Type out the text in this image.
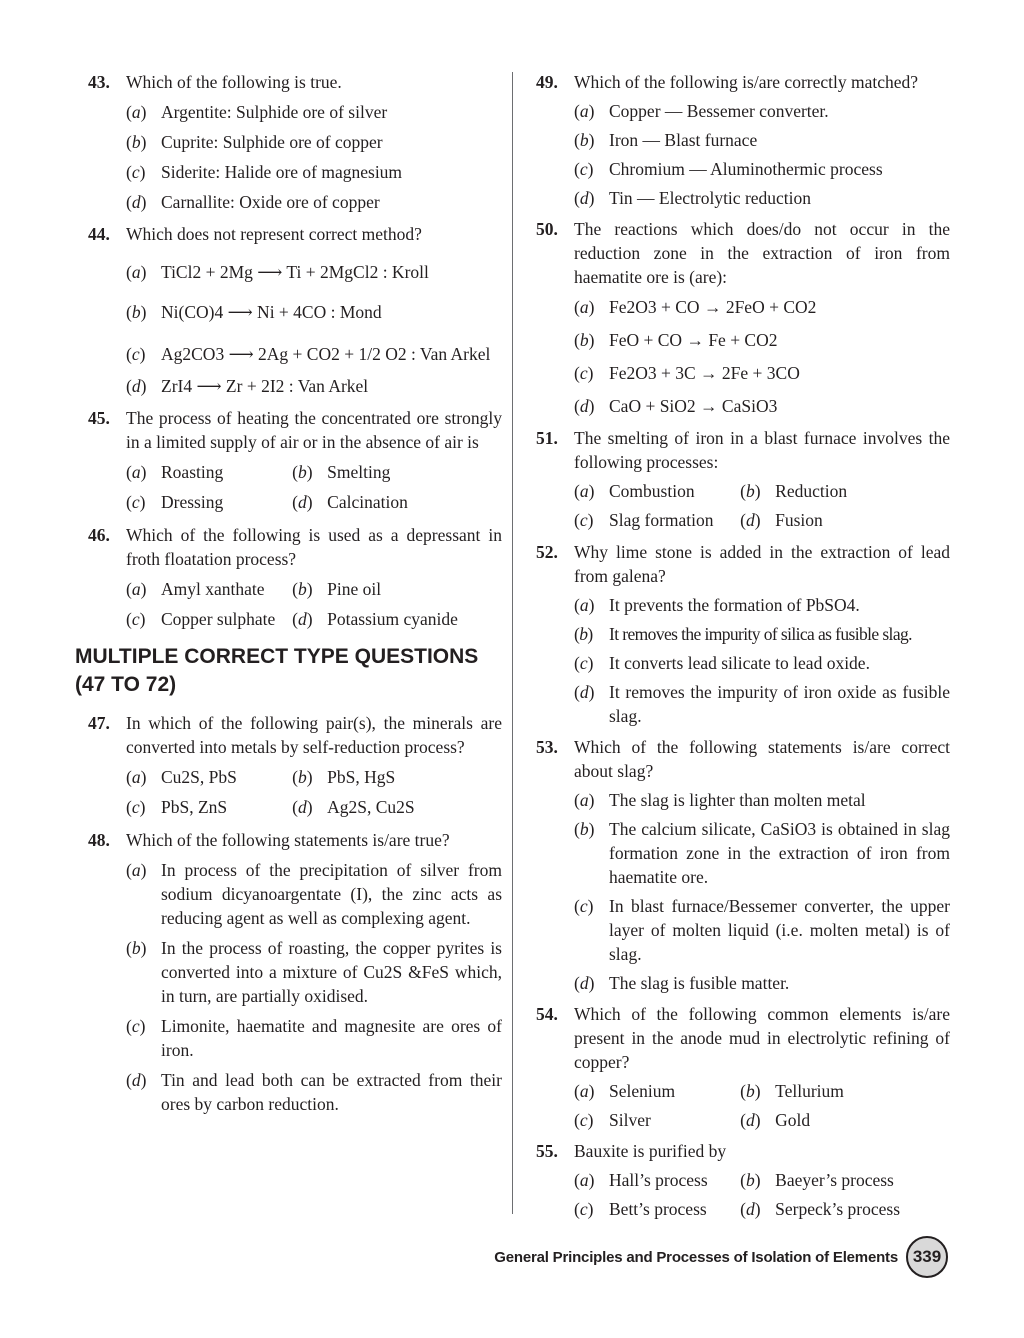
43. Which of the following is true.
(a) Argentite: Sulphide ore of silver
(b) Cuprite: Sulphide ore of copper
(c) Siderite: Halide ore of magnesium
(d) Carnallite: Oxide ore of copper
44. Which does not represent correct method?
(a) TiCl2 + 2Mg ⟶ Ti + 2MgCl2 : Kroll
(b) Ni(CO)4 ⟶ Ni + 4CO : Mond
(c) Ag2CO3 ⟶ 2Ag + CO2 + 1/2 O2 : Van Arkel
(d) ZrI4 ⟶ Zr + 2I2 : Van Arkel
45. The process of heating the concentrated ore strongly in a limited supply of air or in the absence of air is
(a) Roasting	(b) Smelting
(c) Dressing	(d) Calcination
46. Which of the following is used as a depressant in froth floatation process?
(a) Amyl xanthate	(b) Pine oil
(c) Copper sulphate (d) Potassium cyanide
MULTIPLE CORRECT TYPE QUESTIONS
(47 TO 72)
47. In which of the following pair(s), the minerals are converted into metals by self-reduction process?
(a) Cu2S, PbS	(b) PbS, HgS
(c) PbS, ZnS	(d) Ag2S, Cu2S
48. Which of the following statements is/are true?
(a) In process of the precipitation of silver from sodium dicyanoargentate (I), the zinc acts as reducing agent as well as complexing agent.
(b) In the process of roasting, the copper pyrites is converted into a mixture of Cu2S &FeS which, in turn, are partially oxidised.
(c) Limonite, haematite and magnesite are ores of iron.
(d) Tin and lead both can be extracted from their ores by carbon reduction.
49. Which of the following is/are correctly matched?
(a) Copper — Bessemer converter.
(b) Iron — Blast furnace
(c) Chromium — Aluminothermic process
(d) Tin — Electrolytic reduction
50. The reactions which does/do not occur in the reduction zone in the extraction of iron from haematite ore is (are):
(a) Fe2O3 + CO → 2FeO + CO2
(b) FeO + CO → Fe + CO2
(c) Fe2O3 + 3C → 2Fe + 3CO
(d) CaO + SiO2 → CaSiO3
51. The smelting of iron in a blast furnace involves the following processes:
(a) Combustion	(b) Reduction
(c) Slag formation	(d) Fusion
52. Why lime stone is added in the extraction of lead from galena?
(a) It prevents the formation of PbSO4.
(b) It removes the impurity of silica as fusible slag.
(c) It converts lead silicate to lead oxide.
(d) It removes the impurity of iron oxide as fusible slag.
53. Which of the following statements is/are correct about slag?
(a) The slag is lighter than molten metal
(b) The calcium silicate, CaSiO3 is obtained in slag formation zone in the extraction of iron from haematite ore.
(c) In blast furnace/Bessemer converter, the upper layer of molten liquid (i.e. molten metal) is of slag.
(d) The slag is fusible matter.
54. Which of the following common elements is/are present in the anode mud in electrolytic refining of copper?
(a) Selenium	(b) Tellurium
(c) Silver	(d) Gold
55. Bauxite is purified by
(a) Hall’s process	(b) Baeyer’s process
(c) Bett’s process	(d) Serpeck’s process
General Principles and Processes of Isolation of Elements 339
